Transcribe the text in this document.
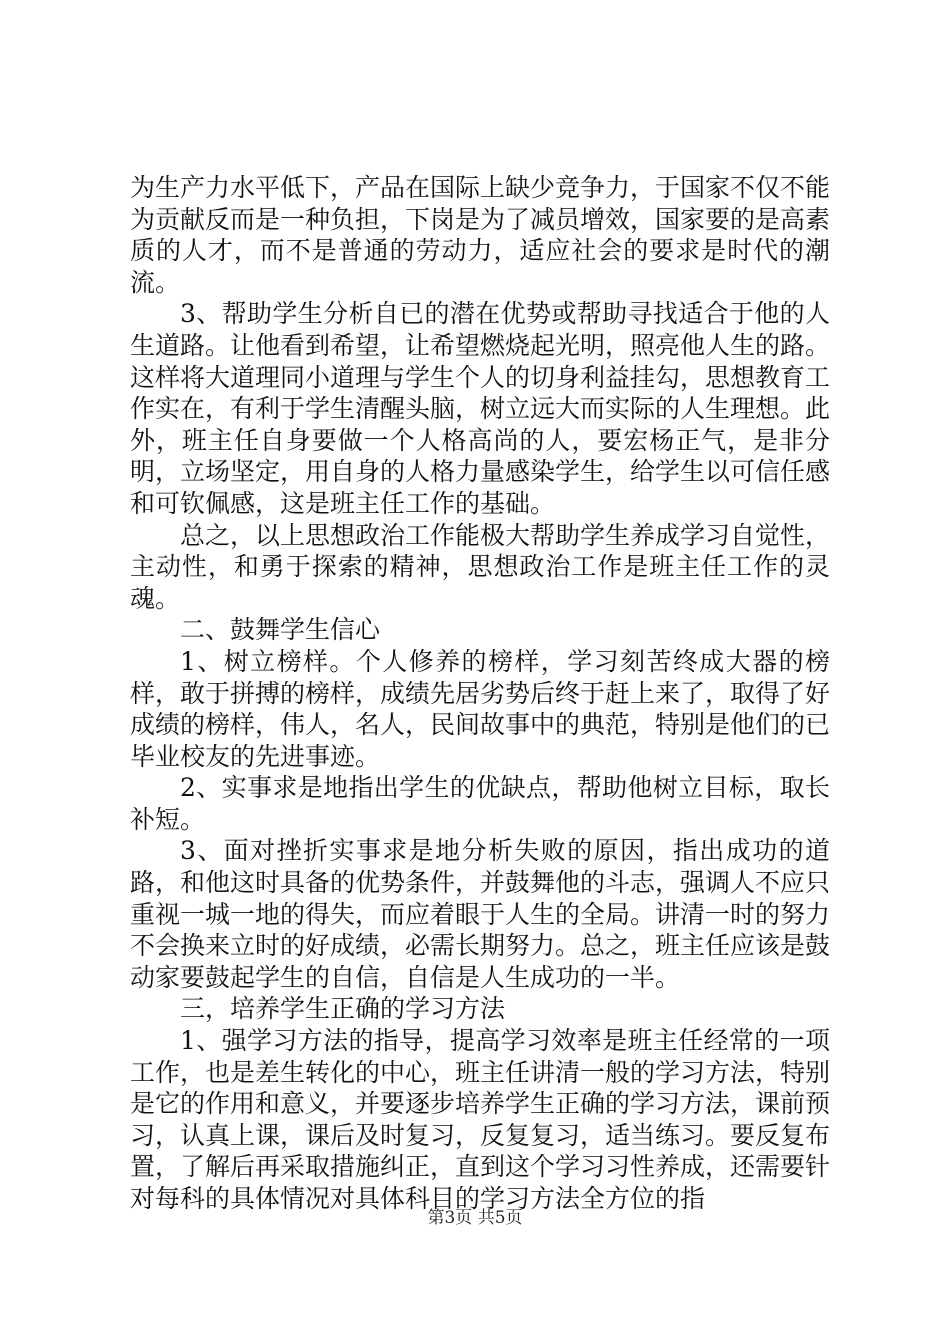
为生产力水平低下，产品在国际上缺少竞争力，于国家不仅不能为贡献反而是一种负担，下岗是为了减员增效，国家要的是高素质的人才，而不是普通的劳动力，适应社会的要求是时代的潮流。

3、帮助学生分析自已的潜在优势或帮助寻找适合于他的人生道路。让他看到希望，让希望燃烧起光明，照亮他人生的路。这样将大道理同小道理与学生个人的切身利益挂勾，思想教育工作实在，有利于学生清醒头脑，树立远大而实际的人生理想。此外，班主任自身要做一个人格高尚的人，要宏杨正气，是非分明，立场坚定，用自身的人格力量感染学生，给学生以可信任感和可钦佩感，这是班主任工作的基础。

总之，以上思想政治工作能极大帮助学生养成学习自觉性，主动性，和勇于探索的精神，思想政治工作是班主任工作的灵魂。

二、鼓舞学生信心

1、树立榜样。个人修养的榜样，学习刻苦终成大器的榜样，敢于拼搏的榜样，成绩先居劣势后终于赶上来了，取得了好成绩的榜样，伟人，名人，民间故事中的典范，特别是他们的已毕业校友的先进事迹。

2、实事求是地指出学生的优缺点，帮助他树立目标，取长补短。

3、面对挫折实事求是地分析失败的原因，指出成功的道路，和他这时具备的优势条件，并鼓舞他的斗志，强调人不应只重视一城一地的得失，而应着眼于人生的全局。讲清一时的努力不会换来立时的好成绩，必需长期努力。总之，班主任应该是鼓动家要鼓起学生的自信，自信是人生成功的一半。

三，培养学生正确的学习方法

1、强学习方法的指导，提高学习效率是班主任经常的一项工作，也是差生转化的中心，班主任讲清一般的学习方法，特别是它的作用和意义，并要逐步培养学生正确的学习方法，课前预习，认真上课，课后及时复习，反复复习，适当练习。要反复布置，了解后再采取措施纠正，直到这个学习习性养成，还需要针对每科的具体情况对具体科目的学习方法全方位的指

第3页 共5页
